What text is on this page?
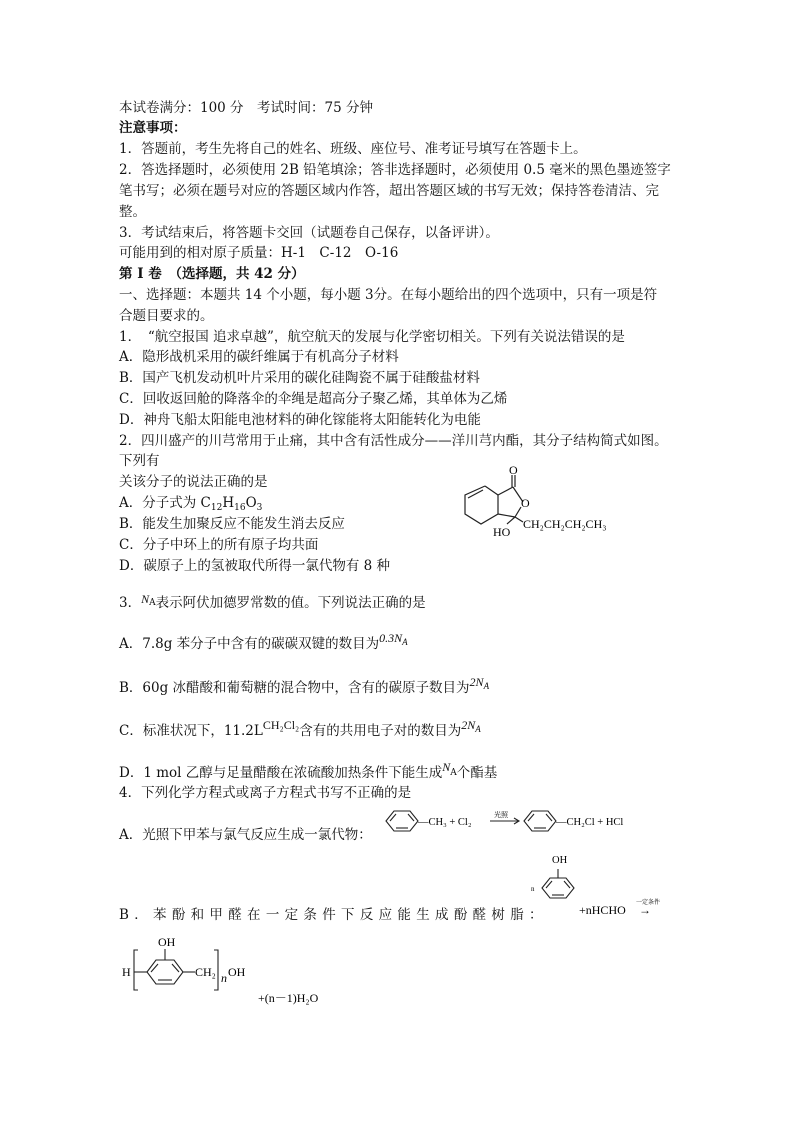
本试卷满分：100 分　考试时间：75 分钟
注意事项：
1．答题前，考生先将自己的姓名、班级、座位号、准考证号填写在答题卡上。
2．答选择题时，必须使用 2B 铅笔填涂；答非选择题时，必须使用 0.5 毫米的黑色墨迹签字
笔书写；必须在题号对应的答题区域内作答，超出答题区域的书写无效；保持答卷清洁、完
整。
3．考试结束后，将答题卡交回（试题卷自己保存，以备评讲）。
可能用到的相对原子质量：H-1　C-12　O-16
第 Ⅰ 卷　（选择题，共 42 分）
一、选择题：本题共 14 个小题，每小题 3分。在每小题给出的四个选项中，只有一项是符
合题目要求的。
1．　“航空报国 追求卓越”，航空航天的发展与化学密切相关。下列有关说法错误的是
A．隐形战机采用的碳纤维属于有机高分子材料
B．国产飞机发动机叶片采用的碳化硅陶瓷不属于硅酸盐材料
C．回收返回舱的降落伞的伞绳是超高分子聚乙烯，其单体为乙烯
D．神舟飞船太阳能电池材料的砷化镓能将太阳能转化为电能
2．四川盛产的川芎常用于止痛，其中含有活性成分——洋川芎内酯，其分子结构简式如图。
下列有
关该分子的说法正确的是
A．分子式为 $C_{12}H_{16}O_3$
B．能发生加聚反应不能发生消去反应
C．分子中环上的所有原子均共面
D．碳原子上的氢被取代所得一氯代物有 8 种
O
O
HO
CH₂CH₂CH₂CH₃
3．$N^A$表示阿伏加德罗常数的值。下列说法正确的是
A．7.8g 苯分子中含有的碳碳双键的数目为$0.3N_A$
B．60g 冰醋酸和葡萄糖的混合物中，含有的碳原子数目为$2N_A$
C．标准状况下，11.2LCH₂Cl₂含有的共用电子对的数目为$2N_A$
D．1 mol 乙醇与足量醋酸在浓硫酸加热条件下能生成$N^A$个酯基
4．下列化学方程式或离子方程式书写不正确的是
A．光照下甲苯与氯气反应生成一氯代物：
—CH₃ + Cl₂
光照
—CH₂Cl + HCl
B．苯酚和甲醛在一定条件下反应能生成酚醛树脂：
OH
n
+nHCHO 一定条件
→
OH
H	CH₂ n OH
+(n－1)H₂O
